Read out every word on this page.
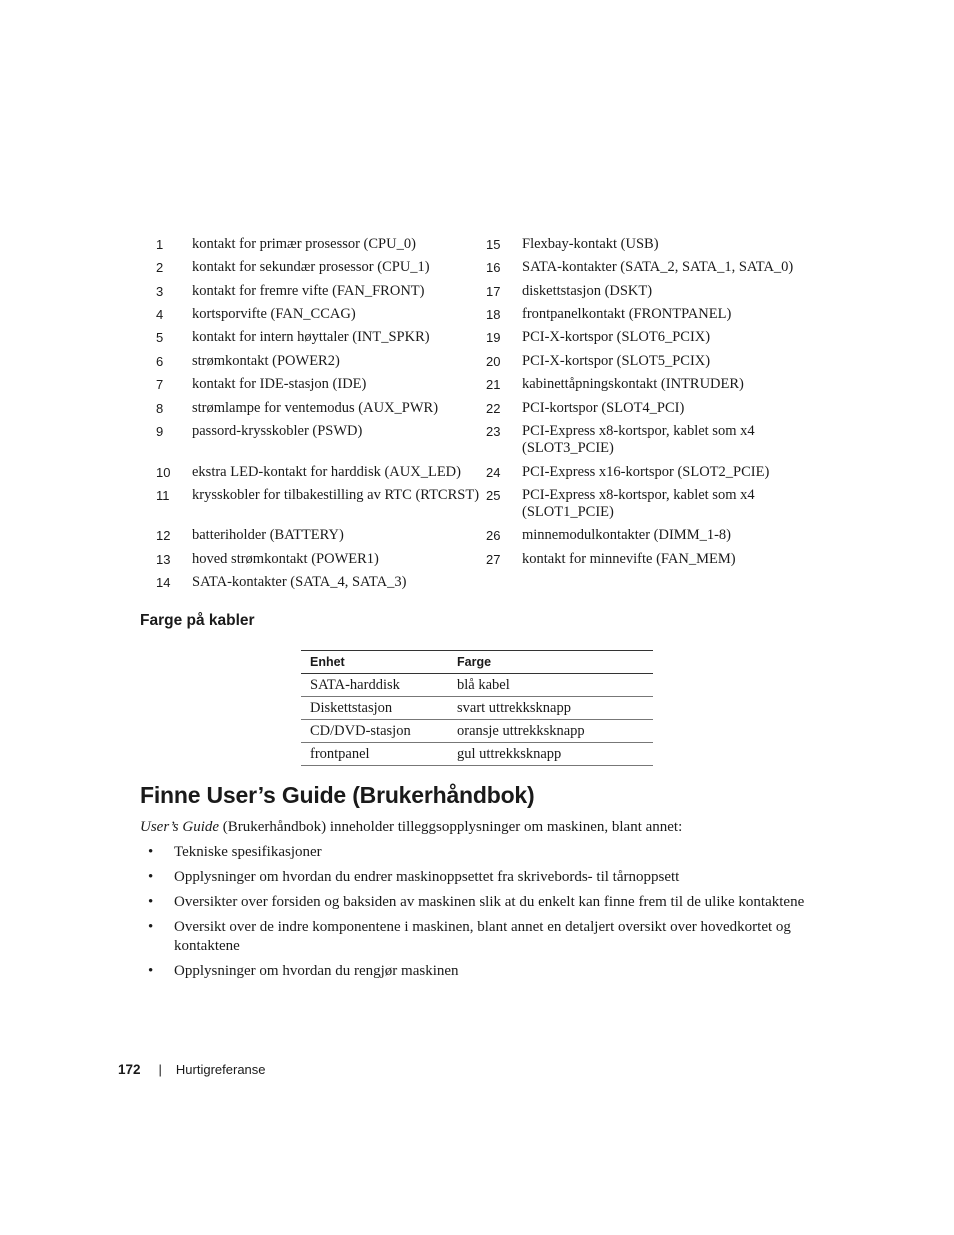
1	kontakt for primær prosessor (CPU_0)
2	kontakt for sekundær prosessor (CPU_1)
3	kontakt for fremre vifte (FAN_FRONT)
4	kortsporvifte (FAN_CCAG)
5	kontakt for intern høyttaler (INT_SPKR)
6	strømkontakt (POWER2)
7	kontakt for IDE-stasjon (IDE)
8	strømlampe for ventemodus (AUX_PWR)
9	passord-krysskobler (PSWD)
10	ekstra LED-kontakt for harddisk (AUX_LED)
11	krysskobler for tilbakestilling av RTC (RTCRST)
12	batteriholder (BATTERY)
13	hoved strømkontakt (POWER1)
14	SATA-kontakter (SATA_4, SATA_3)
15	Flexbay-kontakt (USB)
16	SATA-kontakter (SATA_2, SATA_1, SATA_0)
17	diskettstasjon (DSKT)
18	frontpanelkontakt (FRONTPANEL)
19	PCI-X-kortspor (SLOT6_PCIX)
20	PCI-X-kortspor (SLOT5_PCIX)
21	kabinettåpningskontakt (INTRUDER)
22	PCI-kortspor (SLOT4_PCI)
23	PCI-Express x8-kortspor, kablet som x4 (SLOT3_PCIE)
24	PCI-Express x16-kortspor (SLOT2_PCIE)
25	PCI-Express x8-kortspor, kablet som x4 (SLOT1_PCIE)
26	minnemodulkontakter (DIMM_1-8)
27	kontakt for minnevifte (FAN_MEM)
Farge på kabler
Enhet	Farge
SATA-harddisk	blå kabel
Diskettstasjon	svart uttrekksknapp
CD/DVD-stasjon	oransje uttrekksknapp
frontpanel	gul uttrekksknapp
Finne User’s Guide (Brukerhåndbok)

User’s Guide (Brukerhåndbok) inneholder tilleggsopplysninger om maskinen, blant annet:

•	Tekniske spesifikasjoner
•	Opplysninger om hvordan du endrer maskinoppsettet fra skrivebords- til tårnoppsett
•	Oversikter over forsiden og baksiden av maskinen slik at du enkelt kan finne frem til de ulike kontaktene
•	Oversikt over de indre komponentene i maskinen, blant annet en detaljert oversikt over hovedkortet og kontaktene
•	Opplysninger om hvordan du rengjør maskinen
172 | Hurtigreferanse
